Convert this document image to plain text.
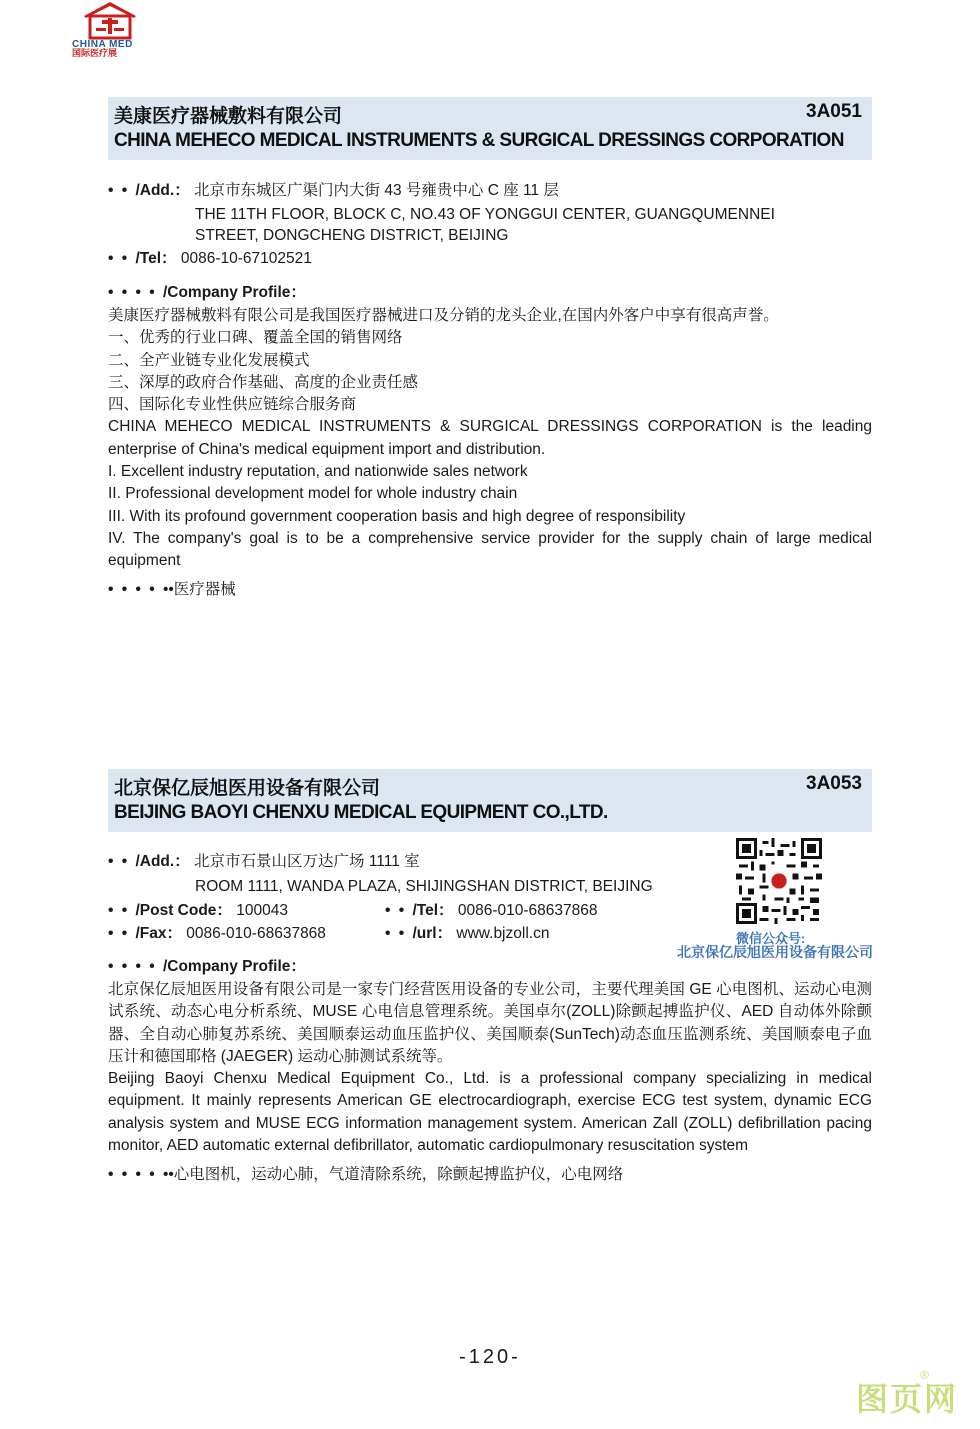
CHINA MED
国际医疗展
美康医疗器械敷料有限公司	3A051
CHINA MEHECO MEDICAL INSTRUMENTS & SURGICAL DRESSINGS CORPORATION
• • /Add.： 北京市东城区广渠门内大街 43 号雍贵中心 C 座 11 层
THE 11TH FLOOR, BLOCK C, NO.43 OF YONGGUI CENTER, GUANGQUMENNEI
STREET, DONGCHENG DISTRICT, BEIJING
• • /Tel： 0086-10-67102521
• • • • /Company Profile：

美康医疗器械敷料有限公司是我国医疗器械进口及分销的龙头企业,在国内外客户中享有很高声誉。

一、优秀的行业口碑、覆盖全国的销售网络

二、全产业链专业化发展模式

三、深厚的政府合作基础、高度的企业责任感

四、国际化专业性供应链综合服务商

CHINA MEHECO MEDICAL INSTRUMENTS & SURGICAL DRESSINGS CORPORATION is the leading enterprise of China's medical equipment import and distribution.

I. Excellent industry reputation, and nationwide sales network

II. Professional development model for whole industry chain

III. With its profound government cooperation basis and high degree of responsibility

IV. The company's goal is to be a comprehensive service provider for the supply chain of large medical equipment

• • • • ••医疗器械
北京保亿辰旭医用设备有限公司	3A053
BEIJING BAOYI CHENXU MEDICAL EQUIPMENT CO.,LTD.
• • /Add.： 北京市石景山区万达广场 1111 室
ROOM 1111, WANDA PLAZA, SHIJINGSHAN DISTRICT, BEIJING
• • /Post Code： 100043	• • /Tel： 0086-010-68637868
• • /Fax： 0086-010-68637868	• • /url： www.bjzoll.cn	微信公众号:
北京保亿辰旭医用设备有限公司
• • • • /Company Profile：

北京保亿辰旭医用设备有限公司是一家专门经营医用设备的专业公司，主要代理美国 GE 心电图机、运动心电测试系统、动态心电分析系统、MUSE 心电信息管理系统。美国卓尔(ZOLL)除颤起搏监护仪、AED 自动体外除颤器、全自动心肺复苏系统、美国顺泰运动血压监护仪、美国顺泰(SunTech)动态血压监测系统、美国顺泰电子血压计和德国耶格 (JAEGER) 运动心肺测试系统等。

Beijing Baoyi Chenxu Medical Equipment Co., Ltd. is a professional company specializing in medical equipment. It mainly represents American GE electrocardiograph, exercise ECG test system, dynamic ECG analysis system and MUSE ECG information management system. American Zall (ZOLL) defibrillation pacing monitor, AED automatic external defibrillator, automatic cardiopulmonary resuscitation system

• • • • ••心电图机，运动心肺，气道清除系统，除颤起搏监护仪，心电网络
-120-
图页网
®
